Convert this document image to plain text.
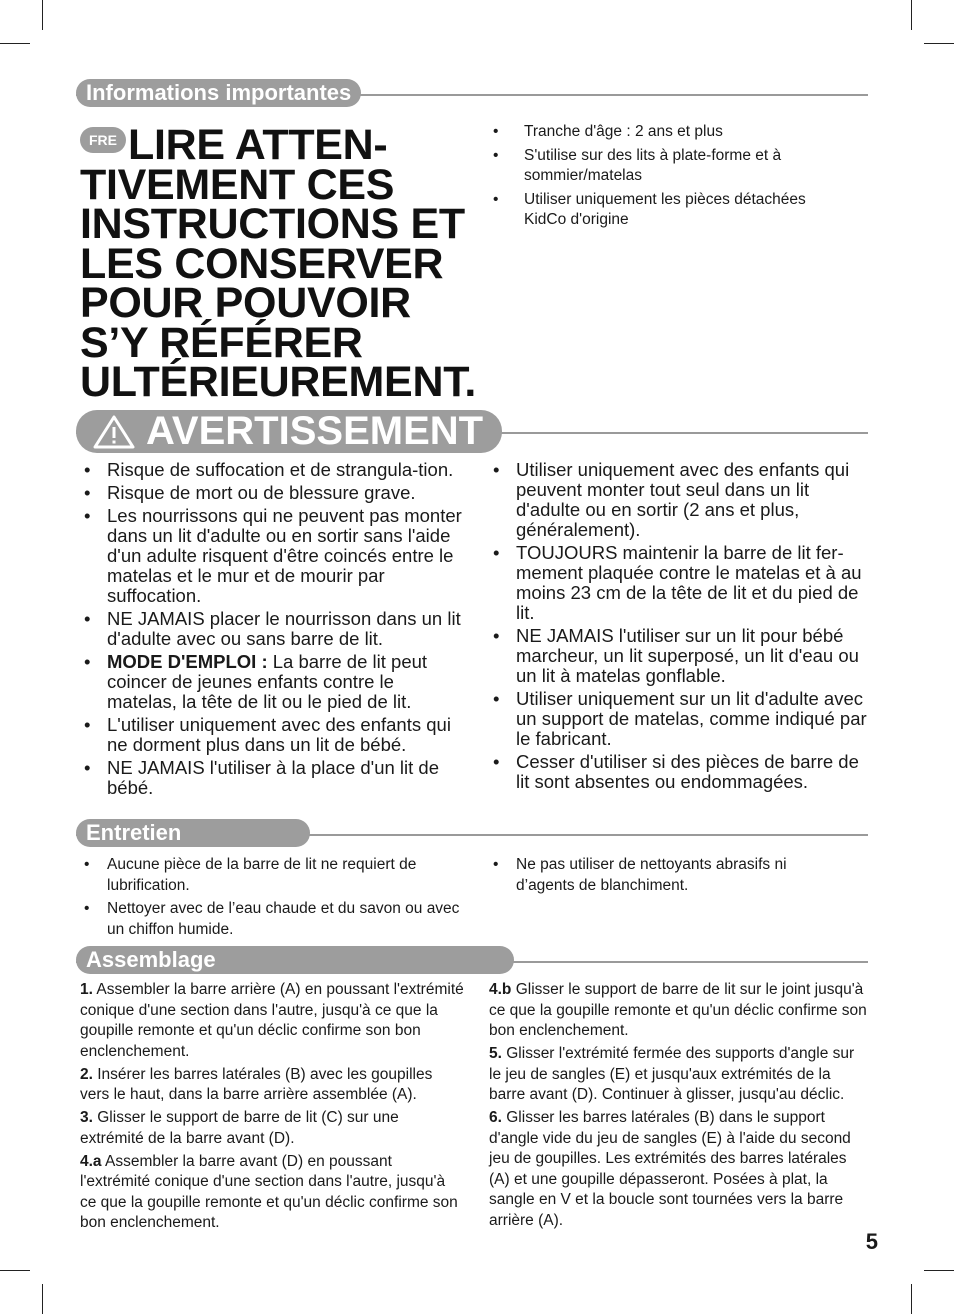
Informations importantes
FRE LIRE ATTEN-TIVEMENT CES INSTRUCTIONS ET LES CONSERVER POUR POUVOIR S’Y RÉFÉRER ULTÉRIEUREMENT.
• Tranche d'âge : 2 ans et plus
• S'utilise sur des lits à plate-forme et à sommier/matelas
• Utiliser uniquement les pièces détachées KidCo d'origine
AVERTISSEMENT
• Risque de suffocation et de strangula-tion.
• Risque de mort ou de blessure grave.
• Les nourrissons qui ne peuvent pas monter dans un lit d'adulte ou en sortir sans l'aide d'un adulte risquent d'être coincés entre le matelas et le mur et de mourir par suffocation.
• NE JAMAIS placer le nourrisson dans un lit d'adulte avec ou sans barre de lit.
• MODE D'EMPLOI : La barre de lit peut coincer de jeunes enfants contre le matelas, la tête de lit ou le pied de lit.
• L'utiliser uniquement avec des enfants qui ne dorment plus dans un lit de bébé.
• NE JAMAIS l'utiliser à la place d'un lit de bébé.
• Utiliser uniquement avec des enfants qui peuvent monter tout seul dans un lit d'adulte ou en sortir (2 ans et plus, généralement).
• TOUJOURS maintenir la barre de lit fer-mement plaquée contre le matelas et à au moins 23 cm de la tête de lit et du pied de lit.
• NE JAMAIS l'utiliser sur un lit pour bébé marcheur, un lit superposé, un lit d'eau ou un lit à matelas gonflable.
• Utiliser uniquement sur un lit d'adulte avec un support de matelas, comme indiqué par le fabricant.
• Cesser d'utiliser si des pièces de barre de lit sont absentes ou endommagées.
Entretien
• Aucune pièce de la barre de lit ne requiert de lubrification.
• Nettoyer avec de l’eau chaude et du savon ou avec un chiffon humide.
• Ne pas utiliser de nettoyants abrasifs ni d’agents de blanchiment.
Assemblage

1. Assembler la barre arrière (A) en poussant l'extrémité conique d'une section dans l'autre, jusqu'à ce que la goupille remonte et qu'un déclic confirme son bon enclenchement.

2. Insérer les barres latérales (B) avec les goupilles vers le haut, dans la barre arrière assemblée (A).

3. Glisser le support de barre de lit (C) sur une extrémité de la barre avant (D).

4.a Assembler la barre avant (D) en poussant l'extrémité conique d'une section dans l'autre, jusqu'à ce que la goupille remonte et qu'un déclic confirme son bon enclenchement.

4.b Glisser le support de barre de lit sur le joint jusqu'à ce que la goupille remonte et qu'un déclic confirme son bon enclenchement.

5. Glisser l'extrémité fermée des supports d'angle sur le jeu de sangles (E) et jusqu'aux extrémités de la barre avant (D). Continuer à glisser, jusqu'au déclic.

6. Glisser les barres latérales (B) dans le support d'angle vide du jeu de sangles (E) à l'aide du second jeu de goupilles. Les extrémités des barres latérales (A) et une goupille dépasseront. Posées à plat, la sangle en V et la boucle sont tournées vers la barre arrière (A).

5
